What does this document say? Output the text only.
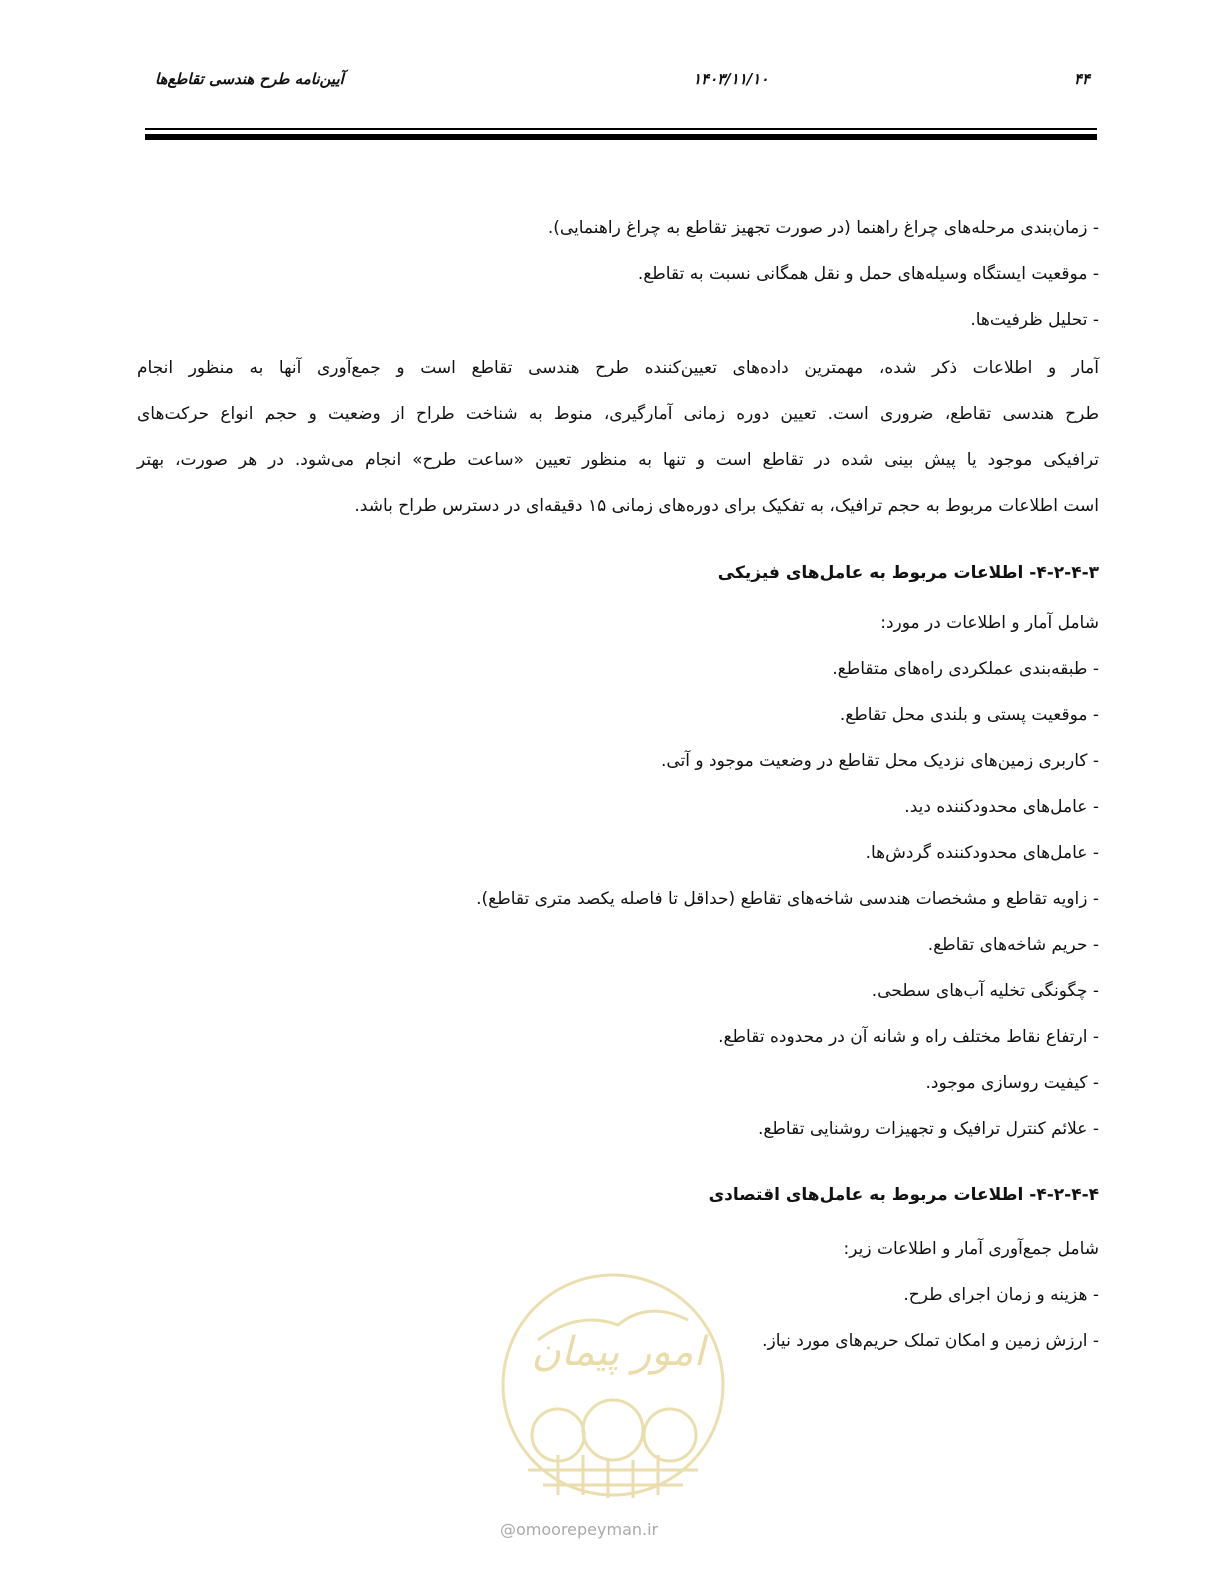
آیین‌نامه طرح هندسی تقاطع‌ها	۱۴۰۳/۱۱/۱۰	۴۴
- زمان‌بندی مرحله‌های چراغ راهنما (در صورت تجهیز تقاطع به چراغ راهنمایی).
- موقعیت ایستگاه وسیله‌های حمل و نقل همگانی نسبت به تقاطع.
- تحلیل ظرفیت‌ها.
آمار و اطلاعات ذکر شده، مهمترین داده‌های تعیین‌کننده طرح هندسی تقاطع است و جمع‌آوری آنها به منظور انجام
طرح هندسی تقاطع، ضروری است. تعیین دوره زمانی آمارگیری، منوط به شناخت طراح از وضعیت و حجم انواع حرکت‌های
ترافیکی موجود یا پیش بینی شده در تقاطع است و تنها به منظور تعیین «ساعت طرح» انجام می‌شود. در هر صورت، بهتر
است اطلاعات مربوط به حجم ترافیک، به تفکیک برای دوره‌های زمانی ۱۵ دقیقه‌ای در دسترس طراح باشد.
۴-۲-۴-۳- اطلاعات مربوط به عامل‌های فیزیکی
شامل آمار و اطلاعات در مورد:
- طبقه‌بندی عملکردی راه‌های متقاطع.
- موقعیت پستی و بلندی محل تقاطع.
- کاربری زمین‌های نزدیک محل تقاطع در وضعیت موجود و آتی.
- عامل‌های محدودکننده دید.
- عامل‌های محدودکننده گردش‌ها.
- زاویه تقاطع و مشخصات هندسی شاخه‌های تقاطع (حداقل تا فاصله یکصد متری تقاطع).
- حریم شاخه‌های تقاطع.
- چگونگی تخلیه آب‌های سطحی.
- ارتفاع نقاط مختلف راه و شانه آن در محدوده تقاطع.
- کیفیت روسازی موجود.
- علائم کنترل ترافیک و تجهیزات روشنایی تقاطع.
۴-۲-۴-۴- اطلاعات مربوط به عامل‌های اقتصادی
شامل جمع‌آوری آمار و اطلاعات زیر:
- هزینه و زمان اجرای طرح.
- ارزش زمین و امکان تملک حریم‌های مورد نیاز.
امور پیمان
@omoorepeyman.ir
